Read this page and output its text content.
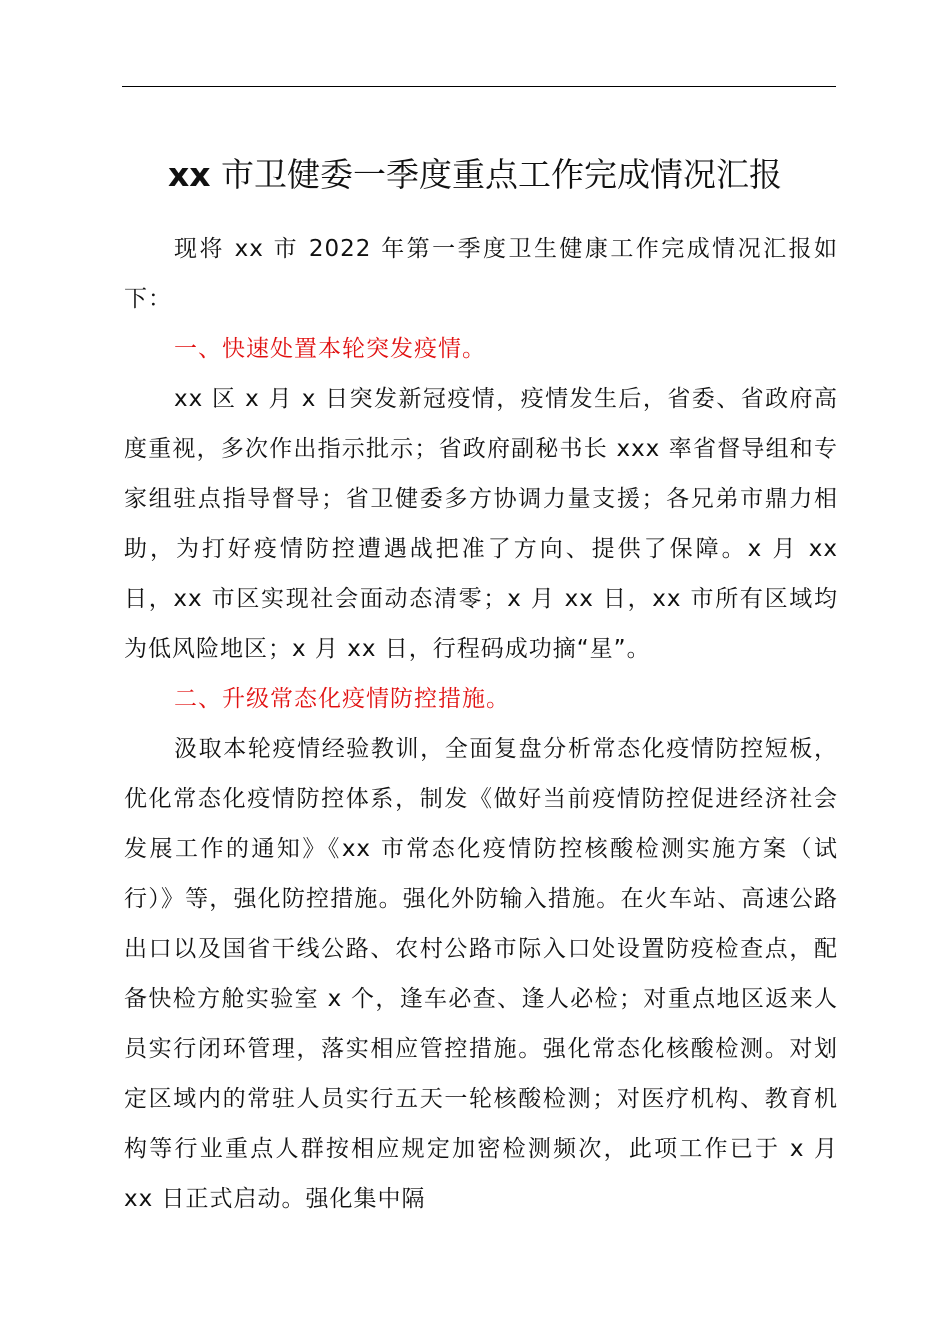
xx 市卫健委一季度重点工作完成情况汇报

现将 xx 市 2022 年第一季度卫生健康工作完成情况汇报如下：

一、快速处置本轮突发疫情。

xx 区 x 月 x 日突发新冠疫情，疫情发生后，省委、省政府高度重视，多次作出指示批示；省政府副秘书长 xxx 率省督导组和专家组驻点指导督导；省卫健委多方协调力量支援；各兄弟市鼎力相助，为打好疫情防控遭遇战把准了方向、提供了保障。x 月 xx 日，xx 市区实现社会面动态清零；x 月 xx 日，xx 市所有区域均为低风险地区；x 月 xx 日，行程码成功摘“星”。

二、升级常态化疫情防控措施。

汲取本轮疫情经验教训，全面复盘分析常态化疫情防控短板，优化常态化疫情防控体系，制发《做好当前疫情防控促进经济社会发展工作的通知》《xx 市常态化疫情防控核酸检测实施方案（试行）》等，强化防控措施。强化外防输入措施。在火车站、高速公路出口以及国省干线公路、农村公路市际入口处设置防疫检查点，配备快检方舱实验室 x 个，逢车必查、逢人必检；对重点地区返来人员实行闭环管理，落实相应管控措施。强化常态化核酸检测。对划定区域内的常驻人员实行五天一轮核酸检测；对医疗机构、教育机构等行业重点人群按相应规定加密检测频次，此项工作已于 x 月 xx 日正式启动。强化集中隔
